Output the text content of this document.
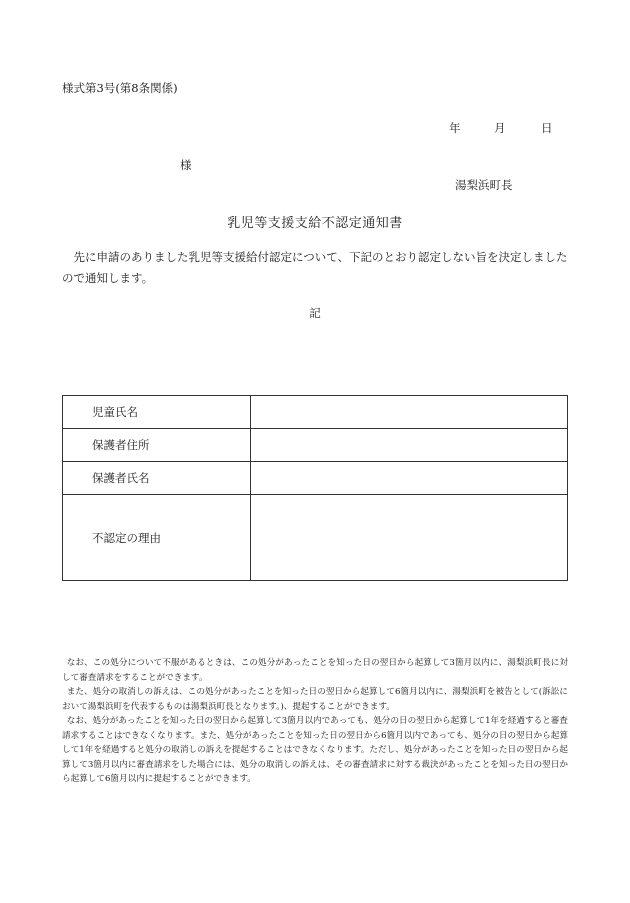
様式第3号(第8条関係)
年	月	日
様
湯梨浜町長
乳児等支援支給不認定通知書

先に申請のありました乳児等支援給付認定について、下記のとおり認定しない旨を決定しましたので通知します。

記
児童氏名	
保護者住所	
保護者氏名	
不認定の理由	

なお、この処分について不服があるときは、この処分があったことを知った日の翌日から起算して3箇月以内に、湯梨浜町長に対して審査請求をすることができます。

また、処分の取消しの訴えは、この処分があったことを知った日の翌日から起算して6箇月以内に、湯梨浜町を被告として(訴訟において湯梨浜町を代表するものは湯梨浜町長となります。)、提起することができます。

なお、処分があったことを知った日の翌日から起算して3箇月以内であっても、処分の日の翌日から起算して1年を経過すると審査請求することはできなくなります。また、処分があったことを知った日の翌日から6箇月以内であっても、処分の日の翌日から起算して1年を経過すると処分の取消しの訴えを提起することはできなくなります。ただし、処分があったことを知った日の翌日から起算して3箇月以内に審査請求をした場合には、処分の取消しの訴えは、その審査請求に対する裁決があったことを知った日の翌日から起算して6箇月以内に提起することができます。
